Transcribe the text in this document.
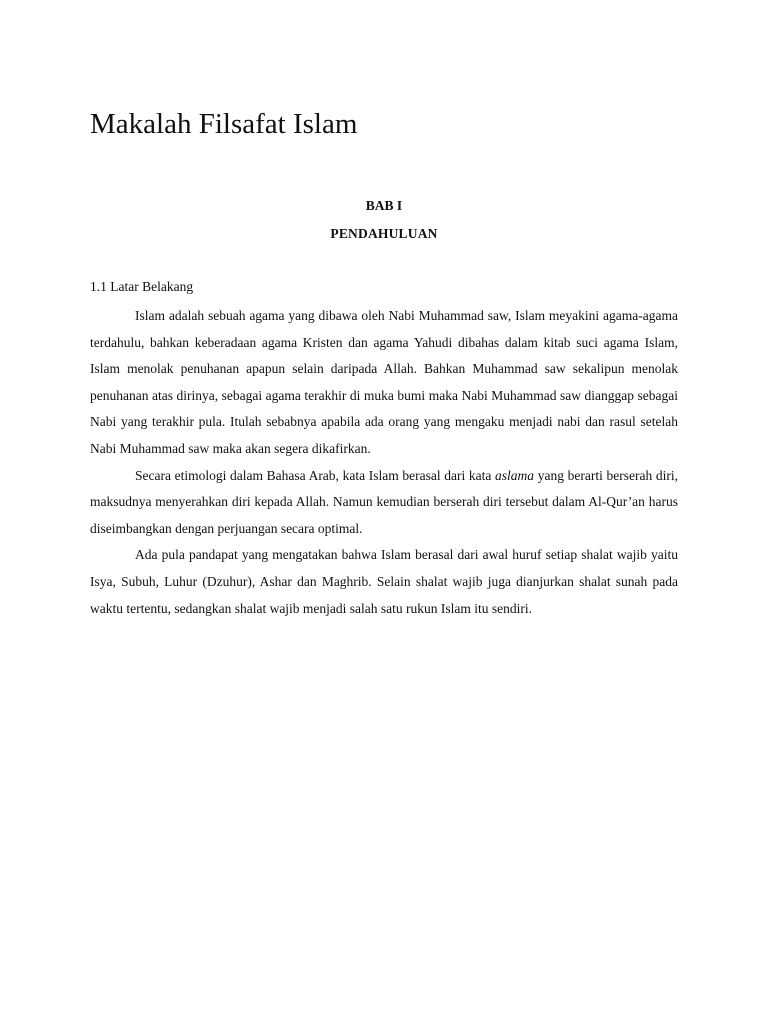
Makalah Filsafat Islam
BAB I
PENDAHULUAN
1.1 Latar Belakang

Islam adalah sebuah agama yang dibawa oleh Nabi Muhammad saw, Islam meyakini agama-agama terdahulu, bahkan keberadaan agama Kristen dan agama Yahudi dibahas dalam kitab suci agama Islam, Islam menolak penuhanan apapun selain daripada Allah. Bahkan Muhammad saw sekalipun menolak penuhanan atas dirinya, sebagai agama terakhir di muka bumi maka Nabi Muhammad saw dianggap sebagai Nabi yang terakhir pula. Itulah sebabnya apabila ada orang yang mengaku menjadi nabi dan rasul setelah Nabi Muhammad saw maka akan segera dikafirkan.

Secara etimologi dalam Bahasa Arab, kata Islam berasal dari kata aslama yang berarti berserah diri, maksudnya menyerahkan diri kepada Allah. Namun kemudian berserah diri tersebut dalam Al-Qur’an harus diseimbangkan dengan perjuangan secara optimal.

Ada pula pandapat yang mengatakan bahwa Islam berasal dari awal huruf setiap shalat wajib yaitu Isya, Subuh, Luhur (Dzuhur), Ashar dan Maghrib. Selain shalat wajib juga dianjurkan shalat sunah pada waktu tertentu, sedangkan shalat wajib menjadi salah satu rukun Islam itu sendiri.
